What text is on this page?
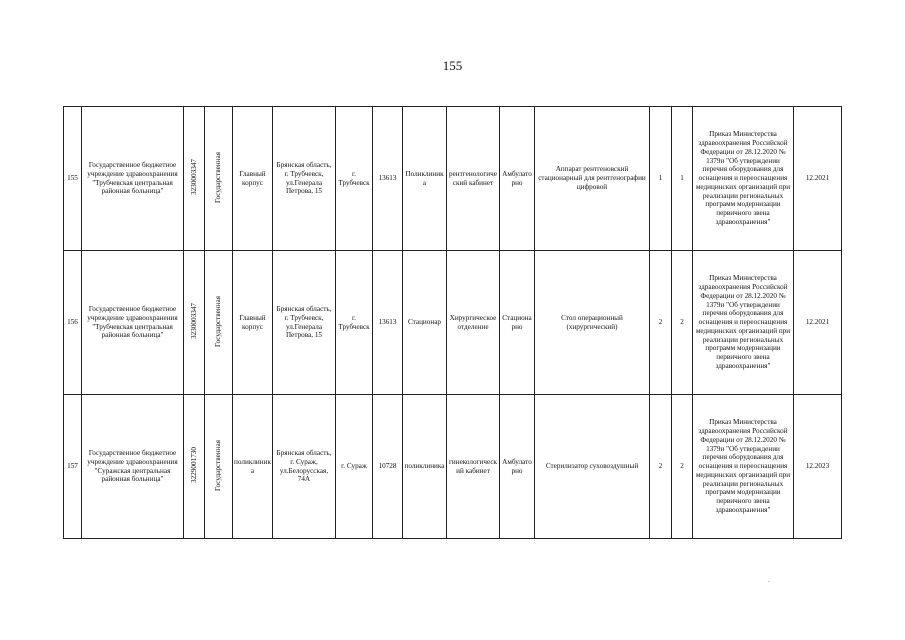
155
155	Государственное бюджетное учреждение здравоохранения "Трубчевская центральная районная больница"	3230003347	Государственная	Главный корпус	Брянская область, г. Трубчевск, ул.Генерала Петрова, 15	г. Трубчевск	13613	Поликлиника	рентгенологический кабинет	Амбулаторно	Аппарат рентгеновский стационарный для рентгенографии цифровой	1	1	Приказ Министерства здравоохранения Российской Федерации от 28.12.2020 № 1379н "Об утверждении перечня оборудования для оснащения и переоснащения медицинских организаций при реализации региональных программ модернизации первичного звена здравоохранения"	12.2021
156	Государственное бюджетное учреждение здравоохранения "Трубчевская центральная районная больница"	3230003347	Государственная	Главный корпус	Брянская область, г. Трубчевск, ул.Генерала Петрова, 15	г. Трубчевск	13613	Стационар	Хирургическое отделение	Стационарно	Стол операционный (хирургический)	2	2	Приказ Министерства здравоохранения Российской Федерации от 28.12.2020 № 1379н "Об утверждении перечня оборудования для оснащения и переоснащения медицинских организаций при реализации региональных программ модернизации первичного звена здравоохранения"	12.2021
157	Государственное бюджетное учреждение здравоохранения "Суражская центральная районная больница"	3229001730	Государственная	поликлиника	Брянская область, г. Сураж, ул.Белорусская, 74А	г. Сураж	10728	поликлиника	гинекологический кабинет	Амбулаторно	Стерилизатор суховоздушный	2	2	Приказ Министерства здравоохранения Российской Федерации от 28.12.2020 № 1379н "Об утверждении перечня оборудования для оснащения и переоснащения медицинских организаций при реализации региональных программ модернизации первичного звена здравоохранения"	12.2023
.
